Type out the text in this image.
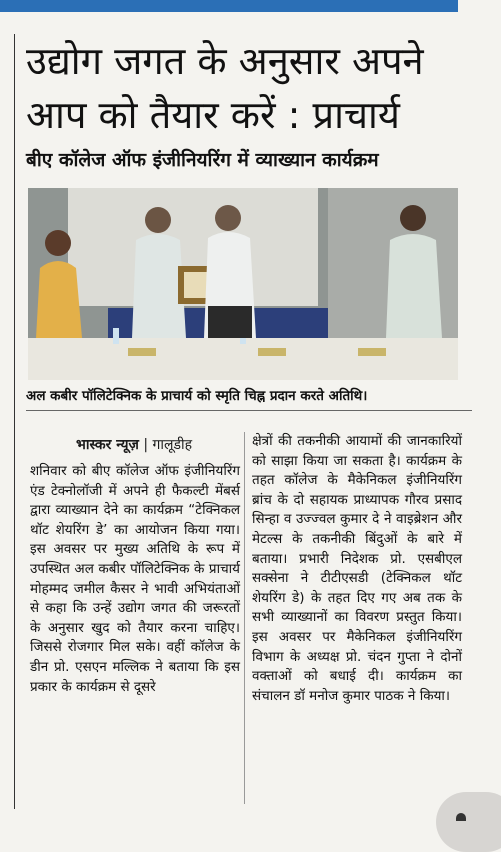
उद्योग जगत के अनुसार अपने
आप को तैयार करें : प्राचार्य
बीए कॉलेज ऑफ इंजीनियरिंग में व्याख्यान कार्यक्रम
अल कबीर पॉलिटेक्निक के प्राचार्य को स्मृति चिह्न प्रदान करते अतिथि।
भास्कर न्यूज़ | गालूडीह
शनिवार को बीए कॉलेज ऑफ इंजीनियरिंग एंड टेक्नोलॉजी में अपने ही फैकल्टी मेंबर्स द्वारा व्याख्यान देने का कार्यक्रम “टेक्निकल थॉट शेयरिंग डे’ का आयोजन किया गया। इस अवसर पर मुख्य अतिथि के रूप में उपस्थित अल कबीर पॉलिटेक्निक के प्राचार्य मोहम्मद जमील कैसर ने भावी अभियंताओं से कहा कि उन्हें उद्योग जगत की जरूरतों के अनुसार खुद को तैयार करना चाहिए। जिससे रोजगार मिल सके। वहीं कॉलेज के डीन प्रो. एसएन मल्लिक ने बताया कि इस प्रकार के कार्यक्रम से दूसरे
क्षेत्रों की तकनीकी आयामों की जानकारियों को साझा किया जा सकता है। कार्यक्रम के तहत कॉलेज के मैकेनिकल इंजीनियरिंग ब्रांच के दो सहायक प्राध्यापक गौरव प्रसाद सिन्हा व उज्ज्वल कुमार दे ने वाइब्रेशन और मेटल्स के तकनीकी बिंदुओं के बारे में बताया। प्रभारी निदेशक प्रो. एसबीएल सक्सेना ने टीटीएसडी (टेक्निकल थॉट शेयरिंग डे) के तहत दिए गए अब तक के सभी व्याख्यानों का विवरण प्रस्तुत किया। इस अवसर पर मैकेनिकल इंजीनियरिंग विभाग के अध्यक्ष प्रो. चंदन गुप्ता ने दोनों वक्ताओं को बधाई दी। कार्यक्रम का संचालन डॉ मनोज कुमार पाठक ने किया।
